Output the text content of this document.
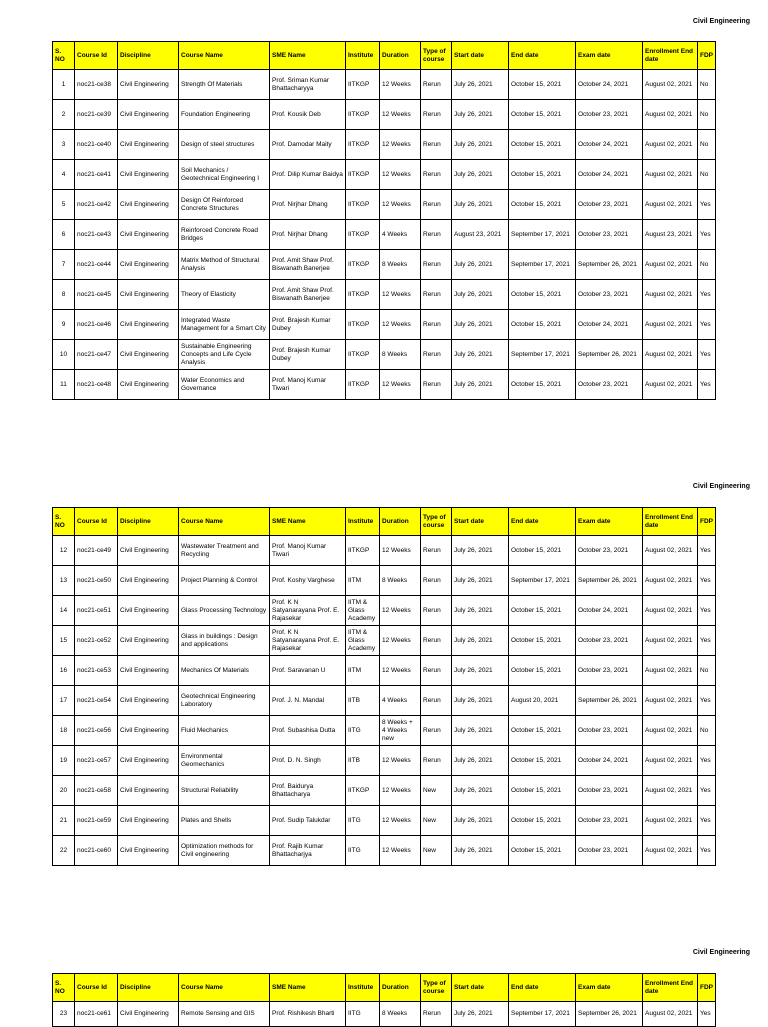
Civil Engineering
S. NO	Course Id	Discipline	Course Name	SME Name	Institute	Duration	Type of course	Start date	End date	Exam date	Enrollment End date	FDP
1	noc21-ce38	Civil Engineering	Strength Of Materials	Prof. Sriman Kumar Bhattacharyya	IITKGP	12 Weeks	Rerun	July 26, 2021	October 15, 2021	October 24, 2021	August 02, 2021	No
2	noc21-ce39	Civil Engineering	Foundation Engineering	Prof. Kousik Deb	IITKGP	12 Weeks	Rerun	July 26, 2021	October 15, 2021	October 23, 2021	August 02, 2021	No
3	noc21-ce40	Civil Engineering	Design of steel structures	Prof. Damodar Maity	IITKGP	12 Weeks	Rerun	July 26, 2021	October 15, 2021	October 24, 2021	August 02, 2021	No
4	noc21-ce41	Civil Engineering	Soil Mechanics / Geotechnical Engineering I	Prof. Dilip Kumar Baidya	IITKGP	12 Weeks	Rerun	July 26, 2021	October 15, 2021	October 24, 2021	August 02, 2021	No
5	noc21-ce42	Civil Engineering	Design Of Reinforced Concrete Structures	Prof. Nirjhar Dhang	IITKGP	12 Weeks	Rerun	July 26, 2021	October 15, 2021	October 23, 2021	August 02, 2021	Yes
6	noc21-ce43	Civil Engineering	Reinforced Concrete Road Bridges	Prof. Nirjhar Dhang	IITKGP	4 Weeks	Rerun	August 23, 2021	September 17, 2021	October 23, 2021	August 23, 2021	Yes
7	noc21-ce44	Civil Engineering	Matrix Method of Structural Analysis	Prof. Amit Shaw Prof. Biswanath Banerjee	IITKGP	8 Weeks	Rerun	July 26, 2021	September 17, 2021	September 26, 2021	August 02, 2021	No
8	noc21-ce45	Civil Engineering	Theory of Elasticity	Prof. Amit Shaw Prof. Biswanath Banerjee	IITKGP	12 Weeks	Rerun	July 26, 2021	October 15, 2021	October 23, 2021	August 02, 2021	Yes
9	noc21-ce46	Civil Engineering	Integrated Waste Management for a Smart City	Prof. Brajesh Kumar Dubey	IITKGP	12 Weeks	Rerun	July 26, 2021	October 15, 2021	October 24, 2021	August 02, 2021	Yes
10	noc21-ce47	Civil Engineering	Sustainable Engineering Concepts and Life Cycle Analysis	Prof. Brajesh Kumar Dubey	IITKGP	8 Weeks	Rerun	July 26, 2021	September 17, 2021	September 26, 2021	August 02, 2021	Yes
11	noc21-ce48	Civil Engineering	Water Economics and Governance	Prof. Manoj Kumar Tiwari	IITKGP	12 Weeks	Rerun	July 26, 2021	October 15, 2021	October 23, 2021	August 02, 2021	Yes
Civil Engineering
S. NO	Course Id	Discipline	Course Name	SME Name	Institute	Duration	Type of course	Start date	End date	Exam date	Enrollment End date	FDP
12	noc21-ce49	Civil Engineering	Wastewater Treatment and Recycling	Prof. Manoj Kumar Tiwari	IITKGP	12 Weeks	Rerun	July 26, 2021	October 15, 2021	October 23, 2021	August 02, 2021	Yes
13	noc21-ce50	Civil Engineering	Project Planning & Control	Prof. Koshy Varghese	IITM	8 Weeks	Rerun	July 26, 2021	September 17, 2021	September 26, 2021	August 02, 2021	Yes
14	noc21-ce51	Civil Engineering	Glass Processing Technology	Prof. K N Satyanarayana Prof. E. Rajasekar	IITM & Glass Academy	12 Weeks	Rerun	July 26, 2021	October 15, 2021	October 24, 2021	August 02, 2021	Yes
15	noc21-ce52	Civil Engineering	Glass in buildings : Design and applications	Prof. K N Satyanarayana Prof. E. Rajasekar	IITM & Glass Academy	12 Weeks	Rerun	July 26, 2021	October 15, 2021	October 23, 2021	August 02, 2021	Yes
16	noc21-ce53	Civil Engineering	Mechanics Of Materials	Prof. Saravanan U	IITM	12 Weeks	Rerun	July 26, 2021	October 15, 2021	October 23, 2021	August 02, 2021	No
17	noc21-ce54	Civil Engineering	Geotechnical Engineering Laboratory	Prof. J. N. Mandal	IITB	4 Weeks	Rerun	July 26, 2021	August 20, 2021	September 26, 2021	August 02, 2021	Yes
18	noc21-ce56	Civil Engineering	Fluid Mechanics	Prof. Subashisa Dutta	IITG	8 Weeks + 4 Weeks new	Rerun	July 26, 2021	October 15, 2021	October 23, 2021	August 02, 2021	No
19	noc21-ce57	Civil Engineering	Environmental Geomechanics	Prof. D. N. Singh	IITB	12 Weeks	Rerun	July 26, 2021	October 15, 2021	October 24, 2021	August 02, 2021	Yes
20	noc21-ce58	Civil Engineering	Structural Reliability	Prof. Baidurya Bhattacharya	IITKGP	12 Weeks	New	July 26, 2021	October 15, 2021	October 23, 2021	August 02, 2021	Yes
21	noc21-ce59	Civil Engineering	Plates and Shells	Prof. Sudip Talukdar	IITG	12 Weeks	New	July 26, 2021	October 15, 2021	October 23, 2021	August 02, 2021	Yes
22	noc21-ce60	Civil Engineering	Optimization methods for Civil engineering	Prof. Rajib Kumar Bhattacharjya	IITG	12 Weeks	New	July 26, 2021	October 15, 2021	October 23, 2021	August 02, 2021	Yes
Civil Engineering
S. NO	Course Id	Discipline	Course Name	SME Name	Institute	Duration	Type of course	Start date	End date	Exam date	Enrollment End date	FDP
23	noc21-ce61	Civil Engineering	Remote Sensing and GIS	Prof. Rishikesh Bharti	IITG	8 Weeks	Rerun	July 26, 2021	September 17, 2021	September 26, 2021	August 02, 2021	Yes
